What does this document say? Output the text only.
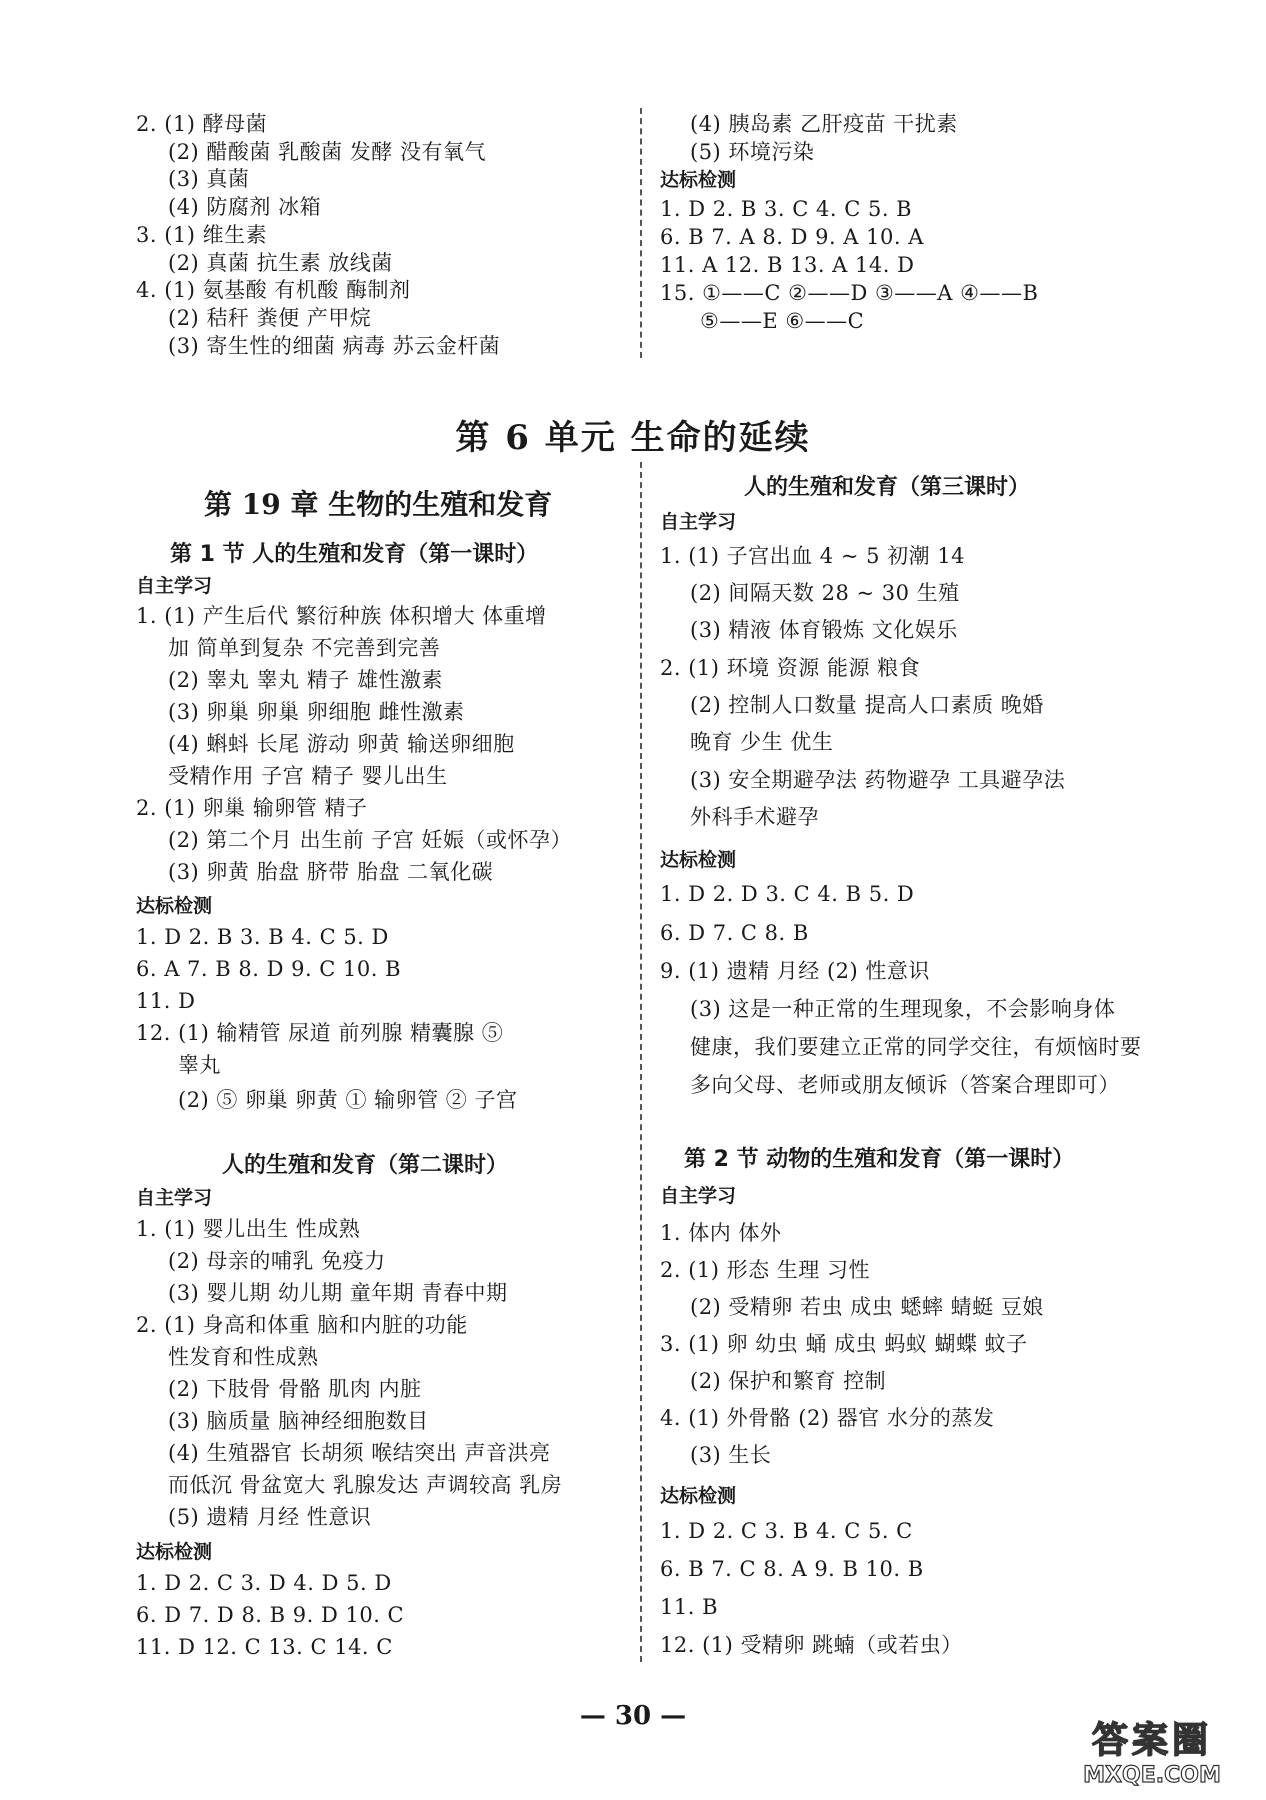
2. (1) 酵母菌
(2) 醋酸菌 乳酸菌 发酵 没有氧气
(3) 真菌
(4) 防腐剂 冰箱
3. (1) 维生素
(2) 真菌 抗生素 放线菌
4. (1) 氨基酸 有机酸 酶制剂
(2) 秸秆 粪便 产甲烷
(3) 寄生性的细菌 病毒 苏云金杆菌
(4) 胰岛素 乙肝疫苗 干扰素
(5) 环境污染
达标检测
1. D 2. B 3. C 4. C 5. B
6. B 7. A 8. D 9. A 10. A
11. A 12. B 13. A 14. D
15. ①——C ②——D ③——A ④——B
⑤——E ⑥——C
第 6 单元 生命的延续
第 19 章 生物的生殖和发育
第 1 节 人的生殖和发育（第一课时）
自主学习
1. (1) 产生后代 繁衍种族 体积增大 体重增
加 简单到复杂 不完善到完善
(2) 睾丸 睾丸 精子 雄性激素
(3) 卵巢 卵巢 卵细胞 雌性激素
(4) 蝌蚪 长尾 游动 卵黄 输送卵细胞
受精作用 子宫 精子 婴儿出生
2. (1) 卵巢 输卵管 精子
(2) 第二个月 出生前 子宫 妊娠（或怀孕）
(3) 卵黄 胎盘 脐带 胎盘 二氧化碳
达标检测
1. D 2. B 3. B 4. C 5. D
6. A 7. B 8. D 9. C 10. B
11. D
12. (1) 输精管 尿道 前列腺 精囊腺 ⑤
睾丸
(2) ⑤ 卵巢 卵黄 ① 输卵管 ② 子宫
人的生殖和发育（第二课时）
自主学习
1. (1) 婴儿出生 性成熟
(2) 母亲的哺乳 免疫力
(3) 婴儿期 幼儿期 童年期 青春中期
2. (1) 身高和体重 脑和内脏的功能
性发育和性成熟
(2) 下肢骨 骨骼 肌肉 内脏
(3) 脑质量 脑神经细胞数目
(4) 生殖器官 长胡须 喉结突出 声音洪亮
而低沉 骨盆宽大 乳腺发达 声调较高 乳房
(5) 遗精 月经 性意识
达标检测
1. D 2. C 3. D 4. D 5. D
6. D 7. D 8. B 9. D 10. C
11. D 12. C 13. C 14. C
人的生殖和发育（第三课时）
自主学习
1. (1) 子宫出血 4 ~ 5 初潮 14
(2) 间隔天数 28 ~ 30 生殖
(3) 精液 体育锻炼 文化娱乐
2. (1) 环境 资源 能源 粮食
(2) 控制人口数量 提高人口素质 晚婚
晚育 少生 优生
(3) 安全期避孕法 药物避孕 工具避孕法
外科手术避孕
达标检测
1. D 2. D 3. C 4. B 5. D
6. D 7. C 8. B
9. (1) 遗精 月经 (2) 性意识
(3) 这是一种正常的生理现象，不会影响身体
健康，我们要建立正常的同学交往，有烦恼时要
多向父母、老师或朋友倾诉（答案合理即可）
第 2 节 动物的生殖和发育（第一课时）
自主学习
1. 体内 体外
2. (1) 形态 生理 习性
(2) 受精卵 若虫 成虫 蟋蟀 蜻蜓 豆娘
3. (1) 卵 幼虫 蛹 成虫 蚂蚁 蝴蝶 蚊子
(2) 保护和繁育 控制
4. (1) 外骨骼 (2) 器官 水分的蒸发
(3) 生长
达标检测
1. D 2. C 3. B 4. C 5. C
6. B 7. C 8. A 9. B 10. B
11. B
12. (1) 受精卵 跳蝻（或若虫）
— 30 —
答案圈
MXQE.COM
